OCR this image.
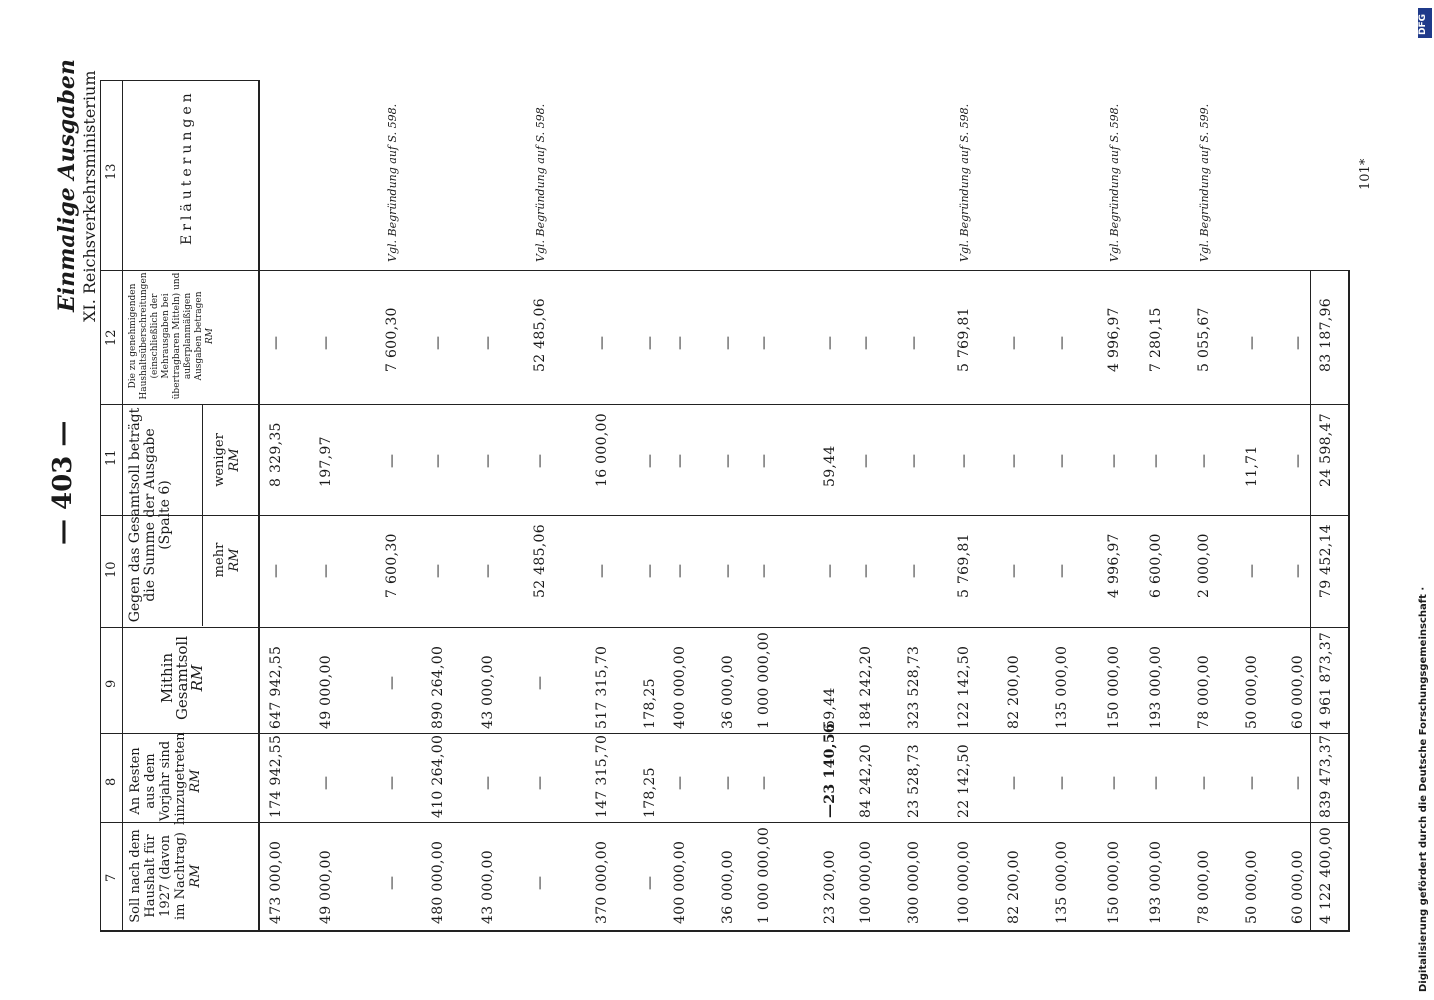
— 403 —
Einmalige Ausgaben XI. Reichsverkehrsministerium	101*
Digitalisierung gefördert durch die Deutsche Forschungsgemeinschaft ·
DFG
7
8
9
10
11
12
13
Soll nach dem Haushalt für 1927 (davon im Nachtrag)
RM
An Resten aus dem Vorjahr sind hinzugetreten
RM
Mithin Gesamtsoll
RM
Gegen das Gesamtsoll beträgt die Summe der Ausgabe (Spalte 6)
mehr
RM
weniger
RM
Die zu genehmigenden Haushaltsüberschreitungen (einschließlich der Mehrausgaben bei übertragbaren Mitteln) und außerplanmäßigen Ausgaben betragen
RM
Erläuterungen
473 000,00
174 942,55
647 942,55
—
8 329,35
—
49 000,00
—
49 000,00
—
197,97
—
—
—
—
7 600,30
—
7 600,30
Vgl. Begründung auf S. 598.
480 000,00
410 264,00
890 264,00
—
—
—
43 000,00
—
43 000,00
—
—
—
—
—
—
52 485,06
—
52 485,06
Vgl. Begründung auf S. 598.
370 000,00
147 315,70
517 315,70
—
16 000,00
—
—
178,25
178,25
—
—
—
400 000,00
—
400 000,00
—
—
—
36 000,00
—
36 000,00
—
—
—
1 000 000,00
—
1 000 000,00
—
—
—
23 200,00
—23 140,56
59,44
—
59,44
—
100 000,00
84 242,20
184 242,20
—
—
—
300 000,00
23 528,73
323 528,73
—
—
—
100 000,00
22 142,50
122 142,50
5 769,81
—
5 769,81
Vgl. Begründung auf S. 598.
82 200,00
—
82 200,00
—
—
—
135 000,00
—
135 000,00
—
—
—
150 000,00
—
150 000,00
4 996,97
—
4 996,97
Vgl. Begründung auf S. 598.
193 000,00
—
193 000,00
6 600,00
—
7 280,15
78 000,00
—
78 000,00
2 000,00
—
5 055,67
Vgl. Begründung auf S. 599.
50 000,00
—
50 000,00
—
11,71
—
60 000,00
—
60 000,00
—
—
—
4 122 400,00
839 473,37
4 961 873,37
79 452,14
24 598,47
83 187,96
